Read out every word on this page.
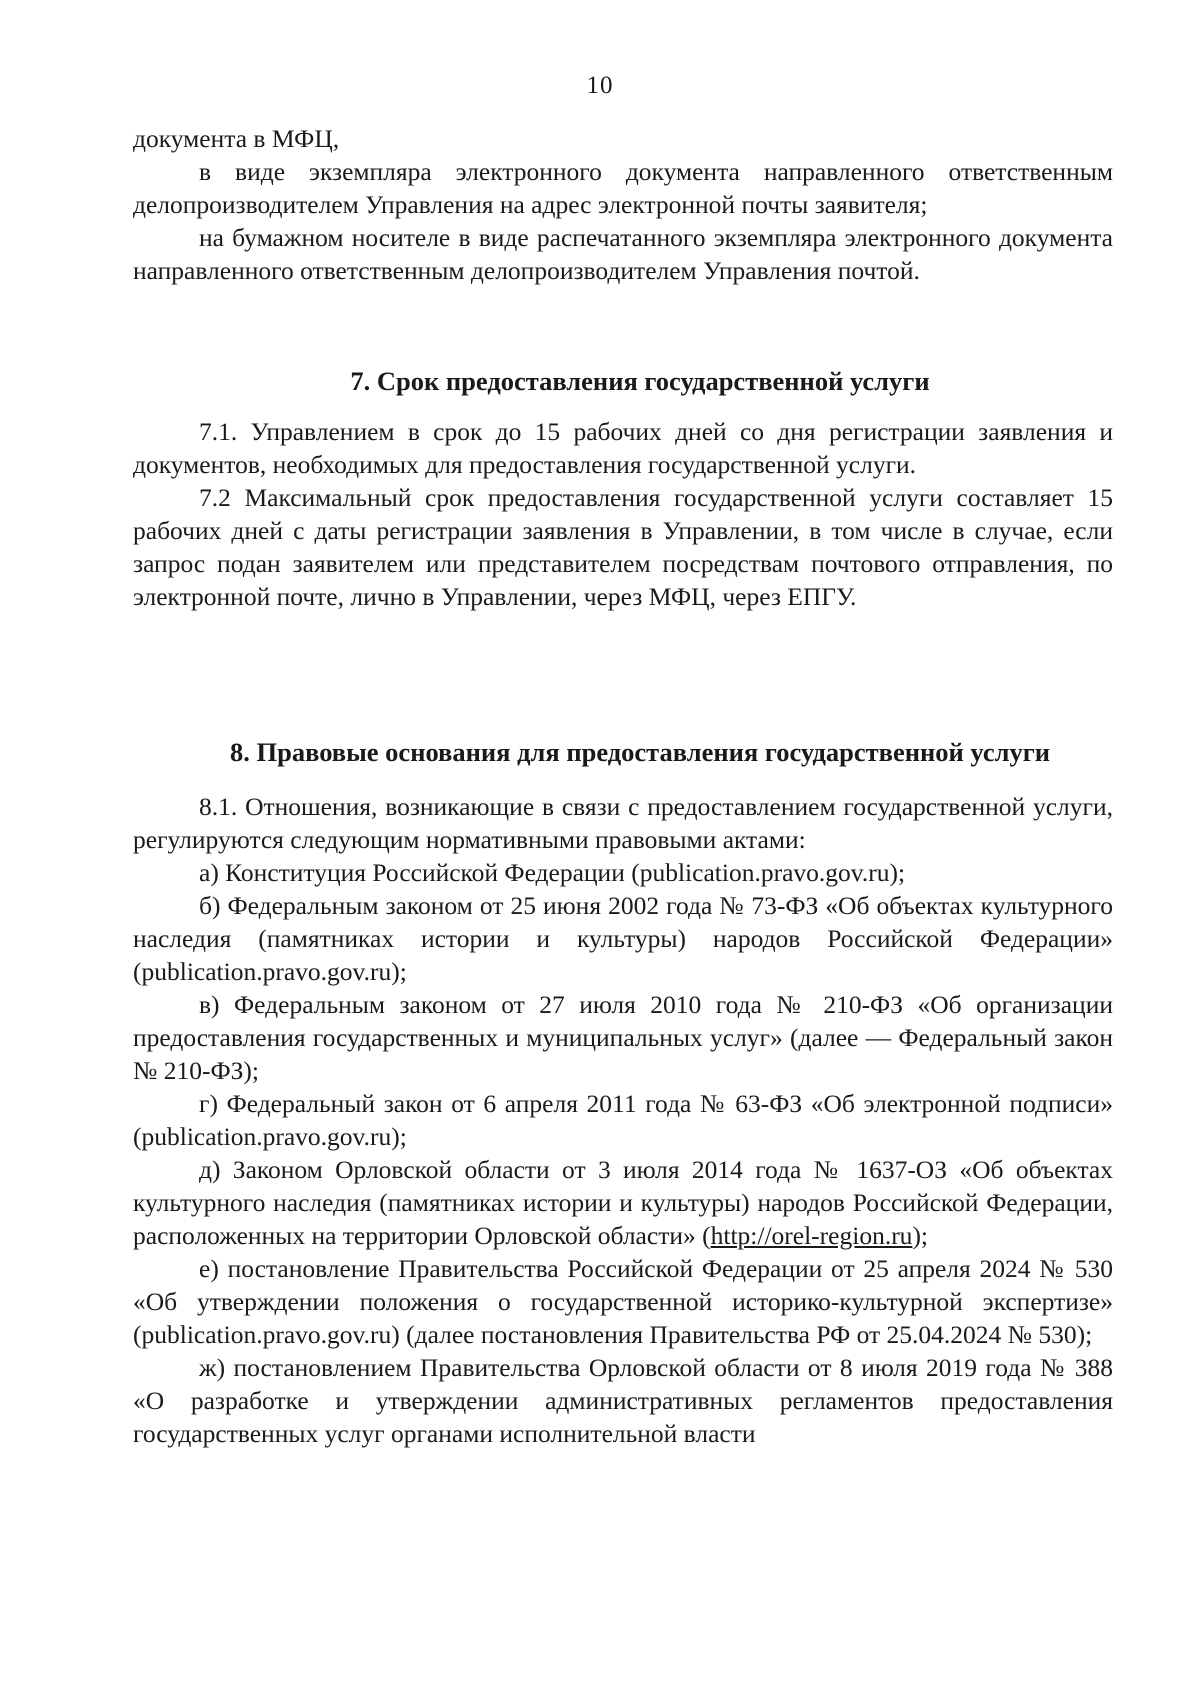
10

документа в МФЦ,

в виде экземпляра электронного документа направленного ответственным делопроизводителем Управления на адрес электронной почты заявителя;

на бумажном носителе в виде распечатанного экземпляра электронного документа направленного ответственным делопроизводителем Управления почтой.

7. Срок предоставления государственной услуги

7.1. Управлением в срок до 15 рабочих дней со дня регистрации заявления и документов, необходимых для предоставления государственной услуги.

7.2 Максимальный срок предоставления государственной услуги составляет 15 рабочих дней с даты регистрации заявления в Управлении, в том числе в случае, если запрос подан заявителем или представителем посредствам почтового отправления, по электронной почте, лично в Управлении, через МФЦ, через ЕПГУ.

8. Правовые основания для предоставления государственной услуги

8.1. Отношения, возникающие в связи с предоставлением государственной услуги, регулируются следующим нормативными правовыми актами:

а) Конституция Российской Федерации (publication.pravo.gov.ru);

б) Федеральным законом от 25 июня 2002 года № 73-ФЗ «Об объектах культурного наследия (памятниках истории и культуры) народов Российской Федерации» (publication.pravo.gov.ru);

в) Федеральным законом от 27 июля 2010 года № 210-ФЗ «Об организации предоставления государственных и муниципальных услуг» (далее — Федеральный закон № 210-ФЗ);

г) Федеральный закон от 6 апреля 2011 года № 63-ФЗ «Об электронной подписи» (publication.pravo.gov.ru);

д) Законом Орловской области от 3 июля 2014 года № 1637-ОЗ «Об объектах культурного наследия (памятниках истории и культуры) народов Российской Федерации, расположенных на территории Орловской области» (http://orel-region.ru);

е) постановление Правительства Российской Федерации от 25 апреля 2024 № 530 «Об утверждении положения о государственной историко-культурной экспертизе» (publication.pravo.gov.ru) (далее постановления Правительства РФ от 25.04.2024 № 530);

ж) постановлением Правительства Орловской области от 8 июля 2019 года № 388 «О разработке и утверждении административных регламентов предоставления государственных услуг органами исполнительной власти
